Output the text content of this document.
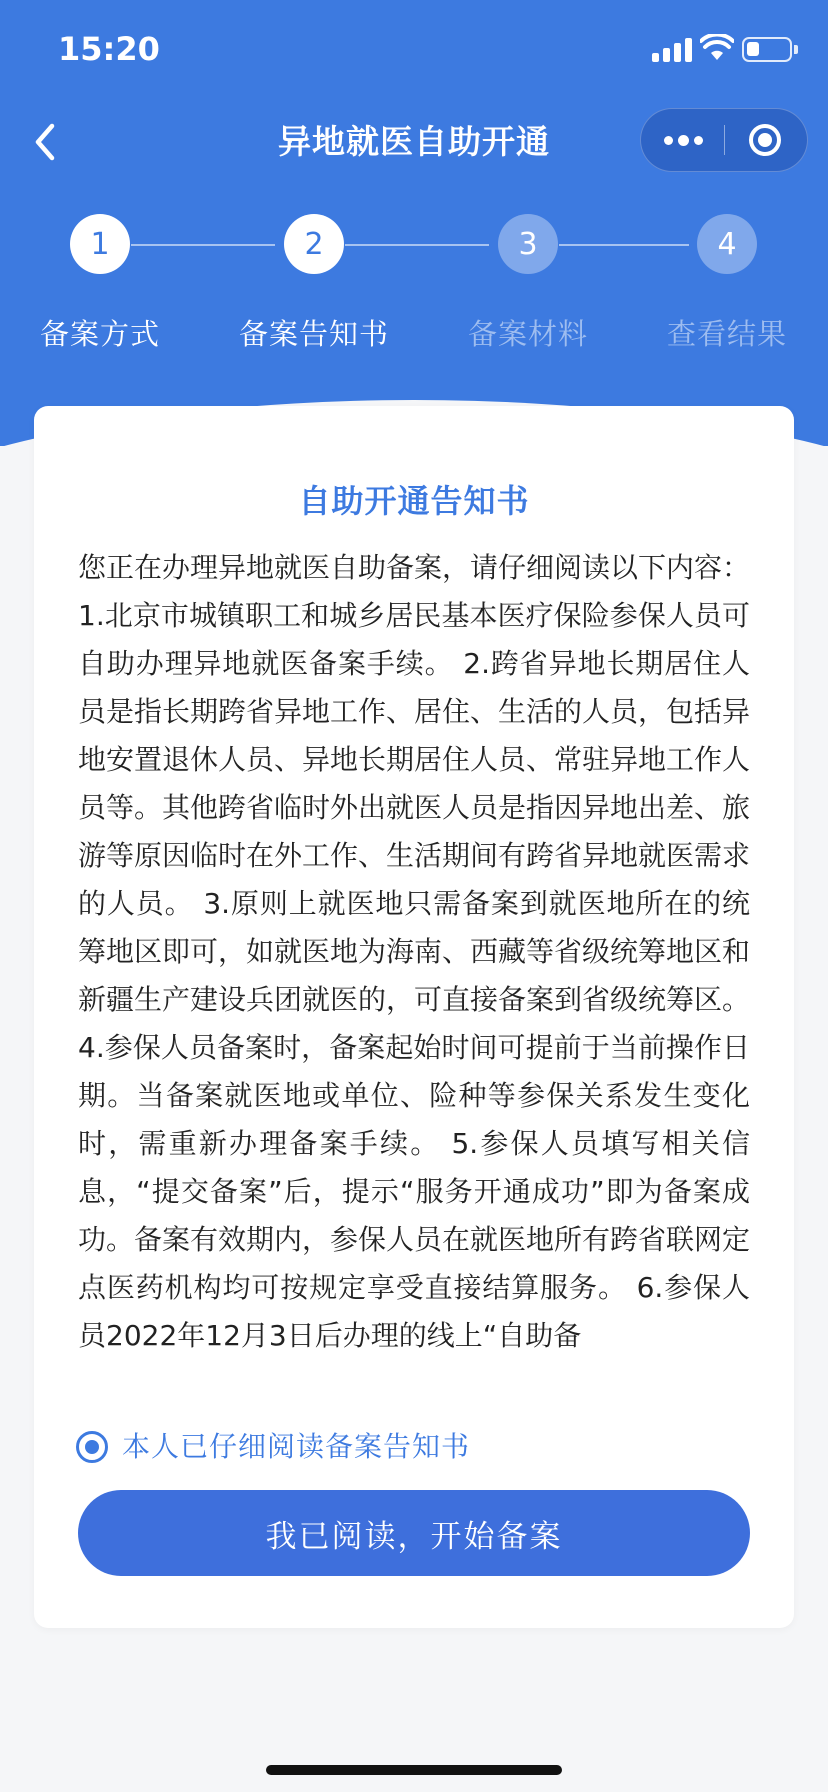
15:20
异地就医自助开通
1	2	3	4
备案方式	备案告知书	备案材料	查看结果
自助开通告知书
您正在办理异地就医自助备案，请仔细阅读以下内容： 1.北京市城镇职工和城乡居民基本医疗保险参保人员可自助办理异地就医备案手续。 2.跨省异地长期居住人员是指长期跨省异地工作、居住、生活的人员，包括异地安置退休人员、异地长期居住人员、常驻异地工作人员等。其他跨省临时外出就医人员是指因异地出差、旅游等原因临时在外工作、生活期间有跨省异地就医需求的人员。 3.原则上就医地只需备案到就医地所在的统筹地区即可，如就医地为海南、西藏等省级统筹地区和新疆生产建设兵团就医的，可直接备案到省级统筹区。 4.参保人员备案时，备案起始时间可提前于当前操作日期。当备案就医地或单位、险种等参保关系发生变化时，需重新办理备案手续。 5.参保人员填写相关信息，“提交备案”后，提示“服务开通成功”即为备案成功。备案有效期内，参保人员在就医地所有跨省联网定点医药机构均可按规定享受直接结算服务。 6.参保人员2022年12月3日后办理的线上“自助备
本人已仔细阅读备案告知书
我已阅读，开始备案
